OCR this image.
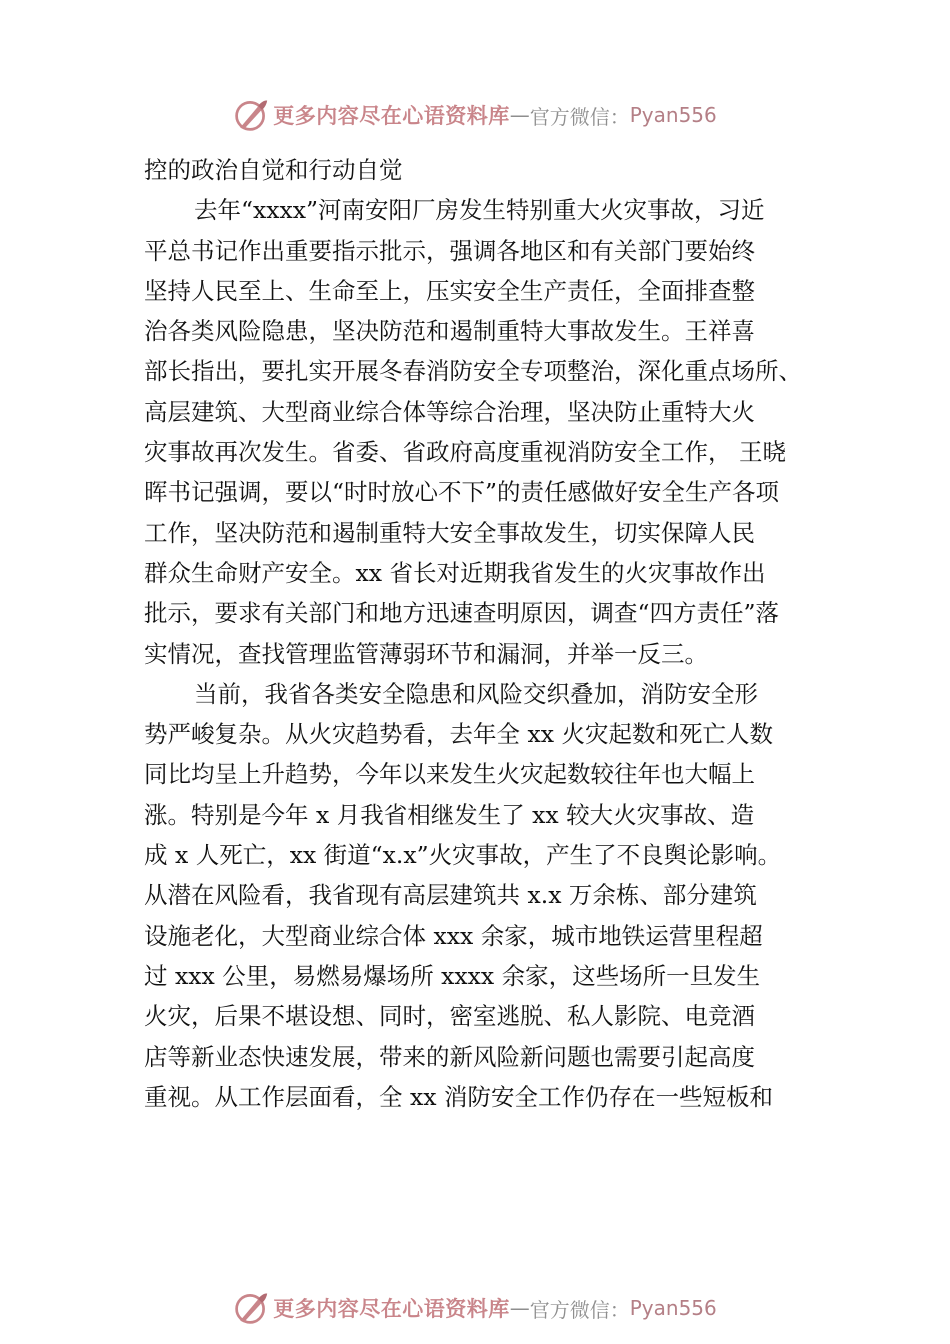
更多内容尽在心语资料库 — 官方微信： Pyan556
控的政治自觉和行动自觉
去年“xxxx”河南安阳厂房发生特别重大火灾事故，习近
平总书记作出重要指示批示，强调各地区和有关部门要始终
坚持人民至上、生命至上，压实安全生产责任，全面排查整
治各类风险隐患，坚决防范和遏制重特大事故发生。王祥喜
部长指出，要扎实开展冬春消防安全专项整治，深化重点场所、
高层建筑、大型商业综合体等综合治理，坚决防止重特大火
灾事故再次发生。省委、省政府高度重视消防安全工作， 王晓
晖书记强调，要以“时时放心不下”的责任感做好安全生产各项
工作，坚决防范和遏制重特大安全事故发生，切实保障人民
群众生命财产安全。xx 省长对近期我省发生的火灾事故作出
批示，要求有关部门和地方迅速查明原因，调查“四方责任”落
实情况，查找管理监管薄弱环节和漏洞，并举一反三。
当前，我省各类安全隐患和风险交织叠加，消防安全形
势严峻复杂。从火灾趋势看，去年全 xx 火灾起数和死亡人数
同比均呈上升趋势，今年以来发生火灾起数较往年也大幅上
涨。特别是今年 x 月我省相继发生了 xx 较大火灾事故、造
成 x 人死亡，xx 街道“x.x”火灾事故，产生了不良舆论影响。
从潜在风险看，我省现有高层建筑共 x.x 万余栋、部分建筑
设施老化，大型商业综合体 xxx 余家，城市地铁运营里程超
过 xxx 公里，易燃易爆场所 xxxx 余家，这些场所一旦发生
火灾，后果不堪设想、同时，密室逃脱、私人影院、电竞酒
店等新业态快速发展，带来的新风险新问题也需要引起高度
重视。从工作层面看，全 xx 消防安全工作仍存在一些短板和
更多内容尽在心语资料库 — 官方微信： Pyan556
